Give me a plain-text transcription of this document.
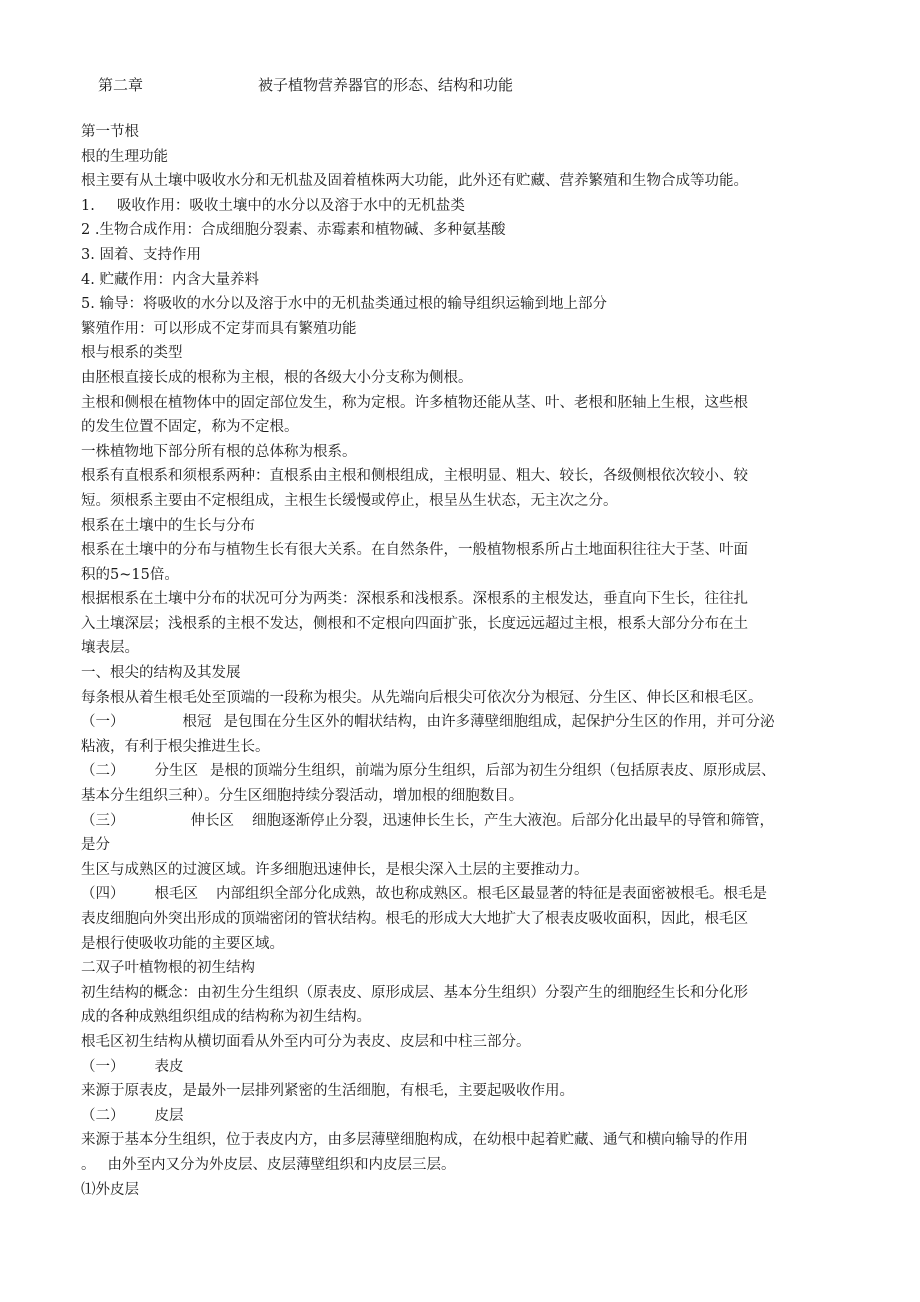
第二章	被子植物营养器官的形态、结构和功能

第一节根

根的生理功能

根主要有从土壤中吸收水分和无机盐及固着植株两大功能，此外还有贮藏、营养繁殖和生物合成等功能。

1. 吸收作用：吸收土壤中的水分以及溶于水中的无机盐类

2 .生物合成作用：合成细胞分裂素、赤霉素和植物碱、多种氨基酸

3. 固着、支持作用

4. 贮藏作用：内含大量养料

5. 输导：将吸收的水分以及溶于水中的无机盐类通过根的输导组织运输到地上部分

繁殖作用：可以形成不定芽而具有繁殖功能

根与根系的类型

由胚根直接长成的根称为主根，根的各级大小分支称为侧根。

主根和侧根在植物体中的固定部位发生，称为定根。许多植物还能从茎、叶、老根和胚轴上生根，这些根

的发生位置不固定，称为不定根。

一株植物地下部分所有根的总体称为根系。

根系有直根系和须根系两种：直根系由主根和侧根组成，主根明显、粗大、较长，各级侧根依次较小、较

短。须根系主要由不定根组成，主根生长缓慢或停止，根呈丛生状态，无主次之分。

根系在土壤中的生长与分布

根系在土壤中的分布与植物生长有很大关系。在自然条件，一般植物根系所占土地面积往往大于茎、叶面

积的5~15倍。

根据根系在土壤中分布的状况可分为两类：深根系和浅根系。深根系的主根发达，垂直向下生长，往往扎

入土壤深层；浅根系的主根不发达，侧根和不定根向四面扩张，长度远远超过主根，根系大部分分布在土

壤表层。

一、根尖的结构及其发展

每条根从着生根毛处至顶端的一段称为根尖。从先端向后根尖可依次分为根冠、分生区、伸长区和根毛区。

（一）	根冠 是包围在分生区外的帽状结构，由许多薄壁细胞组成，起保护分生区的作用，并可分泌

粘液，有利于根尖推进生长。

（二） 分生区 是根的顶端分生组织，前端为原分生组织，后部为初生分组织（包括原表皮、原形成层、

基本分生组织三种）。分生区细胞持续分裂活动，增加根的细胞数目。

（三）	伸长区 细胞逐渐停止分裂，迅速伸长生长，产生大液泡。后部分化出最早的导管和筛管，

是分

生区与成熟区的过渡区域。许多细胞迅速伸长，是根尖深入土层的主要推动力。

（四） 根毛区 内部组织全部分化成熟，故也称成熟区。根毛区最显著的特征是表面密被根毛。根毛是

表皮细胞向外突出形成的顶端密闭的管状结构。根毛的形成大大地扩大了根表皮吸收面积，因此，根毛区

是根行使吸收功能的主要区域。

二双子叶植物根的初生结构

初生结构的概念：由初生分生组织（原表皮、原形成层、基本分生组织）分裂产生的细胞经生长和分化形

成的各种成熟组织组成的结构称为初生结构。

根毛区初生结构从横切面看从外至内可分为表皮、皮层和中柱三部分。

（一） 表皮

来源于原表皮，是最外一层排列紧密的生活细胞，有根毛，主要起吸收作用。

（二） 皮层

来源于基本分生组织，位于表皮内方，由多层薄壁细胞构成，在幼根中起着贮藏、通气和横向输导的作用

。 由外至内又分为外皮层、皮层薄壁组织和内皮层三层。

⑴外皮层
